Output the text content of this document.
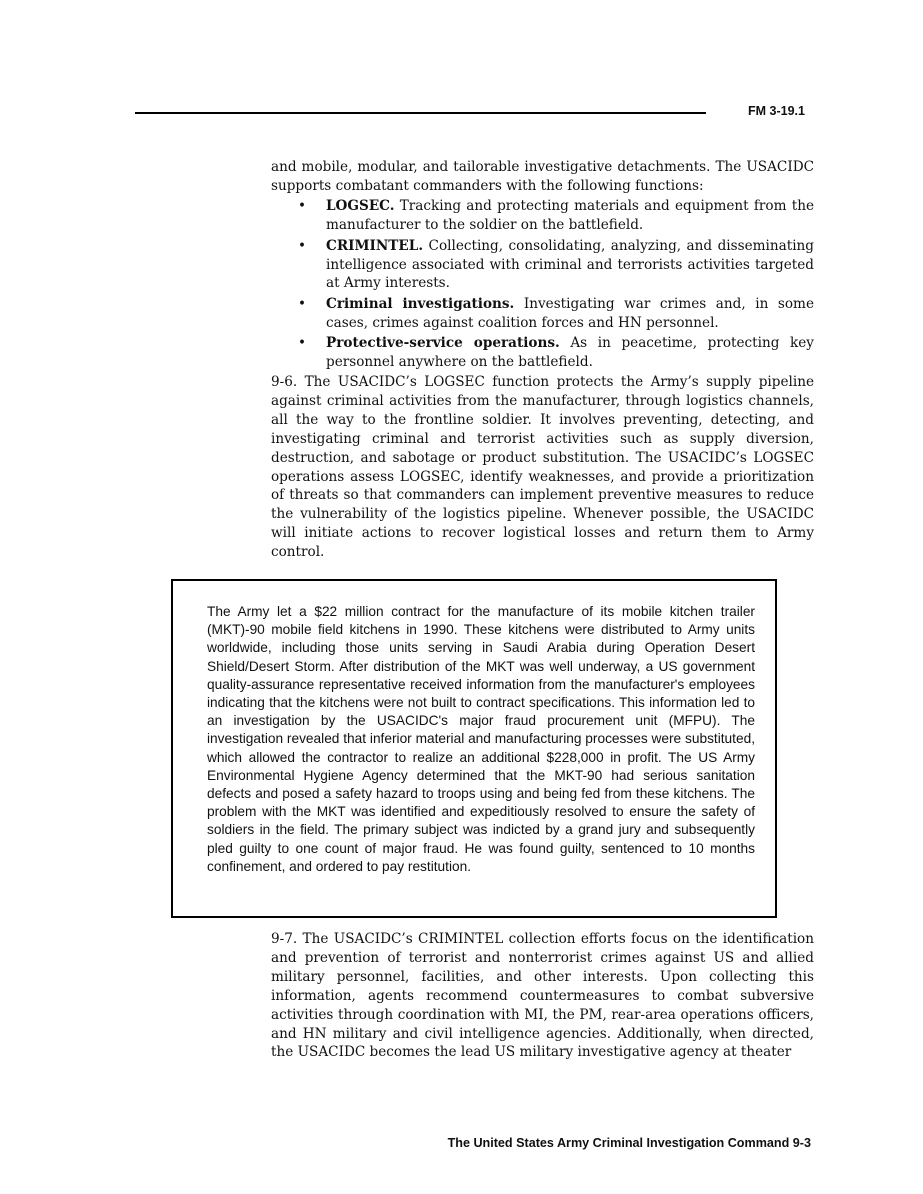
FM 3-19.1

and mobile, modular, and tailorable investigative detachments. The USACIDC supports combatant commanders with the following functions:

• LOGSEC. Tracking and protecting materials and equipment from the manufacturer to the soldier on the battlefield.
• CRIMINTEL. Collecting, consolidating, analyzing, and disseminating intelligence associated with criminal and terrorists activities targeted at Army interests.
• Criminal investigations. Investigating war crimes and, in some cases, crimes against coalition forces and HN personnel.
• Protective-service operations. As in peacetime, protecting key personnel anywhere on the battlefield.

9-6. The USACIDC’s LOGSEC function protects the Army’s supply pipeline against criminal activities from the manufacturer, through logistics channels, all the way to the frontline soldier. It involves preventing, detecting, and investigating criminal and terrorist activities such as supply diversion, destruction, and sabotage or product substitution. The USACIDC’s LOGSEC operations assess LOGSEC, identify weaknesses, and provide a prioritization of threats so that commanders can implement preventive measures to reduce the vulnerability of the logistics pipeline. Whenever possible, the USACIDC will initiate actions to recover logistical losses and return them to Army control.

The Army let a $22 million contract for the manufacture of its mobile kitchen trailer (MKT)-90 mobile field kitchens in 1990. These kitchens were distributed to Army units worldwide, including those units serving in Saudi Arabia during Operation Desert Shield/Desert Storm. After distribution of the MKT was well underway, a US government quality-assurance representative received information from the manufacturer's employees indicating that the kitchens were not built to contract specifications. This information led to an investigation by the USACIDC's major fraud procurement unit (MFPU). The investigation revealed that inferior material and manufacturing processes were substituted, which allowed the contractor to realize an additional $228,000 in profit. The US Army Environmental Hygiene Agency determined that the MKT-90 had serious sanitation defects and posed a safety hazard to troops using and being fed from these kitchens. The problem with the MKT was identified and expeditiously resolved to ensure the safety of soldiers in the field. The primary subject was indicted by a grand jury and subsequently pled guilty to one count of major fraud. He was found guilty, sentenced to 10 months confinement, and ordered to pay restitution.

9-7. The USACIDC’s CRIMINTEL collection efforts focus on the identification and prevention of terrorist and nonterrorist crimes against US and allied military personnel, facilities, and other interests. Upon collecting this information, agents recommend countermeasures to combat subversive activities through coordination with MI, the PM, rear-area operations officers, and HN military and civil intelligence agencies. Additionally, when directed, the USACIDC becomes the lead US military investigative agency at theater

The United States Army Criminal Investigation Command 9-3
